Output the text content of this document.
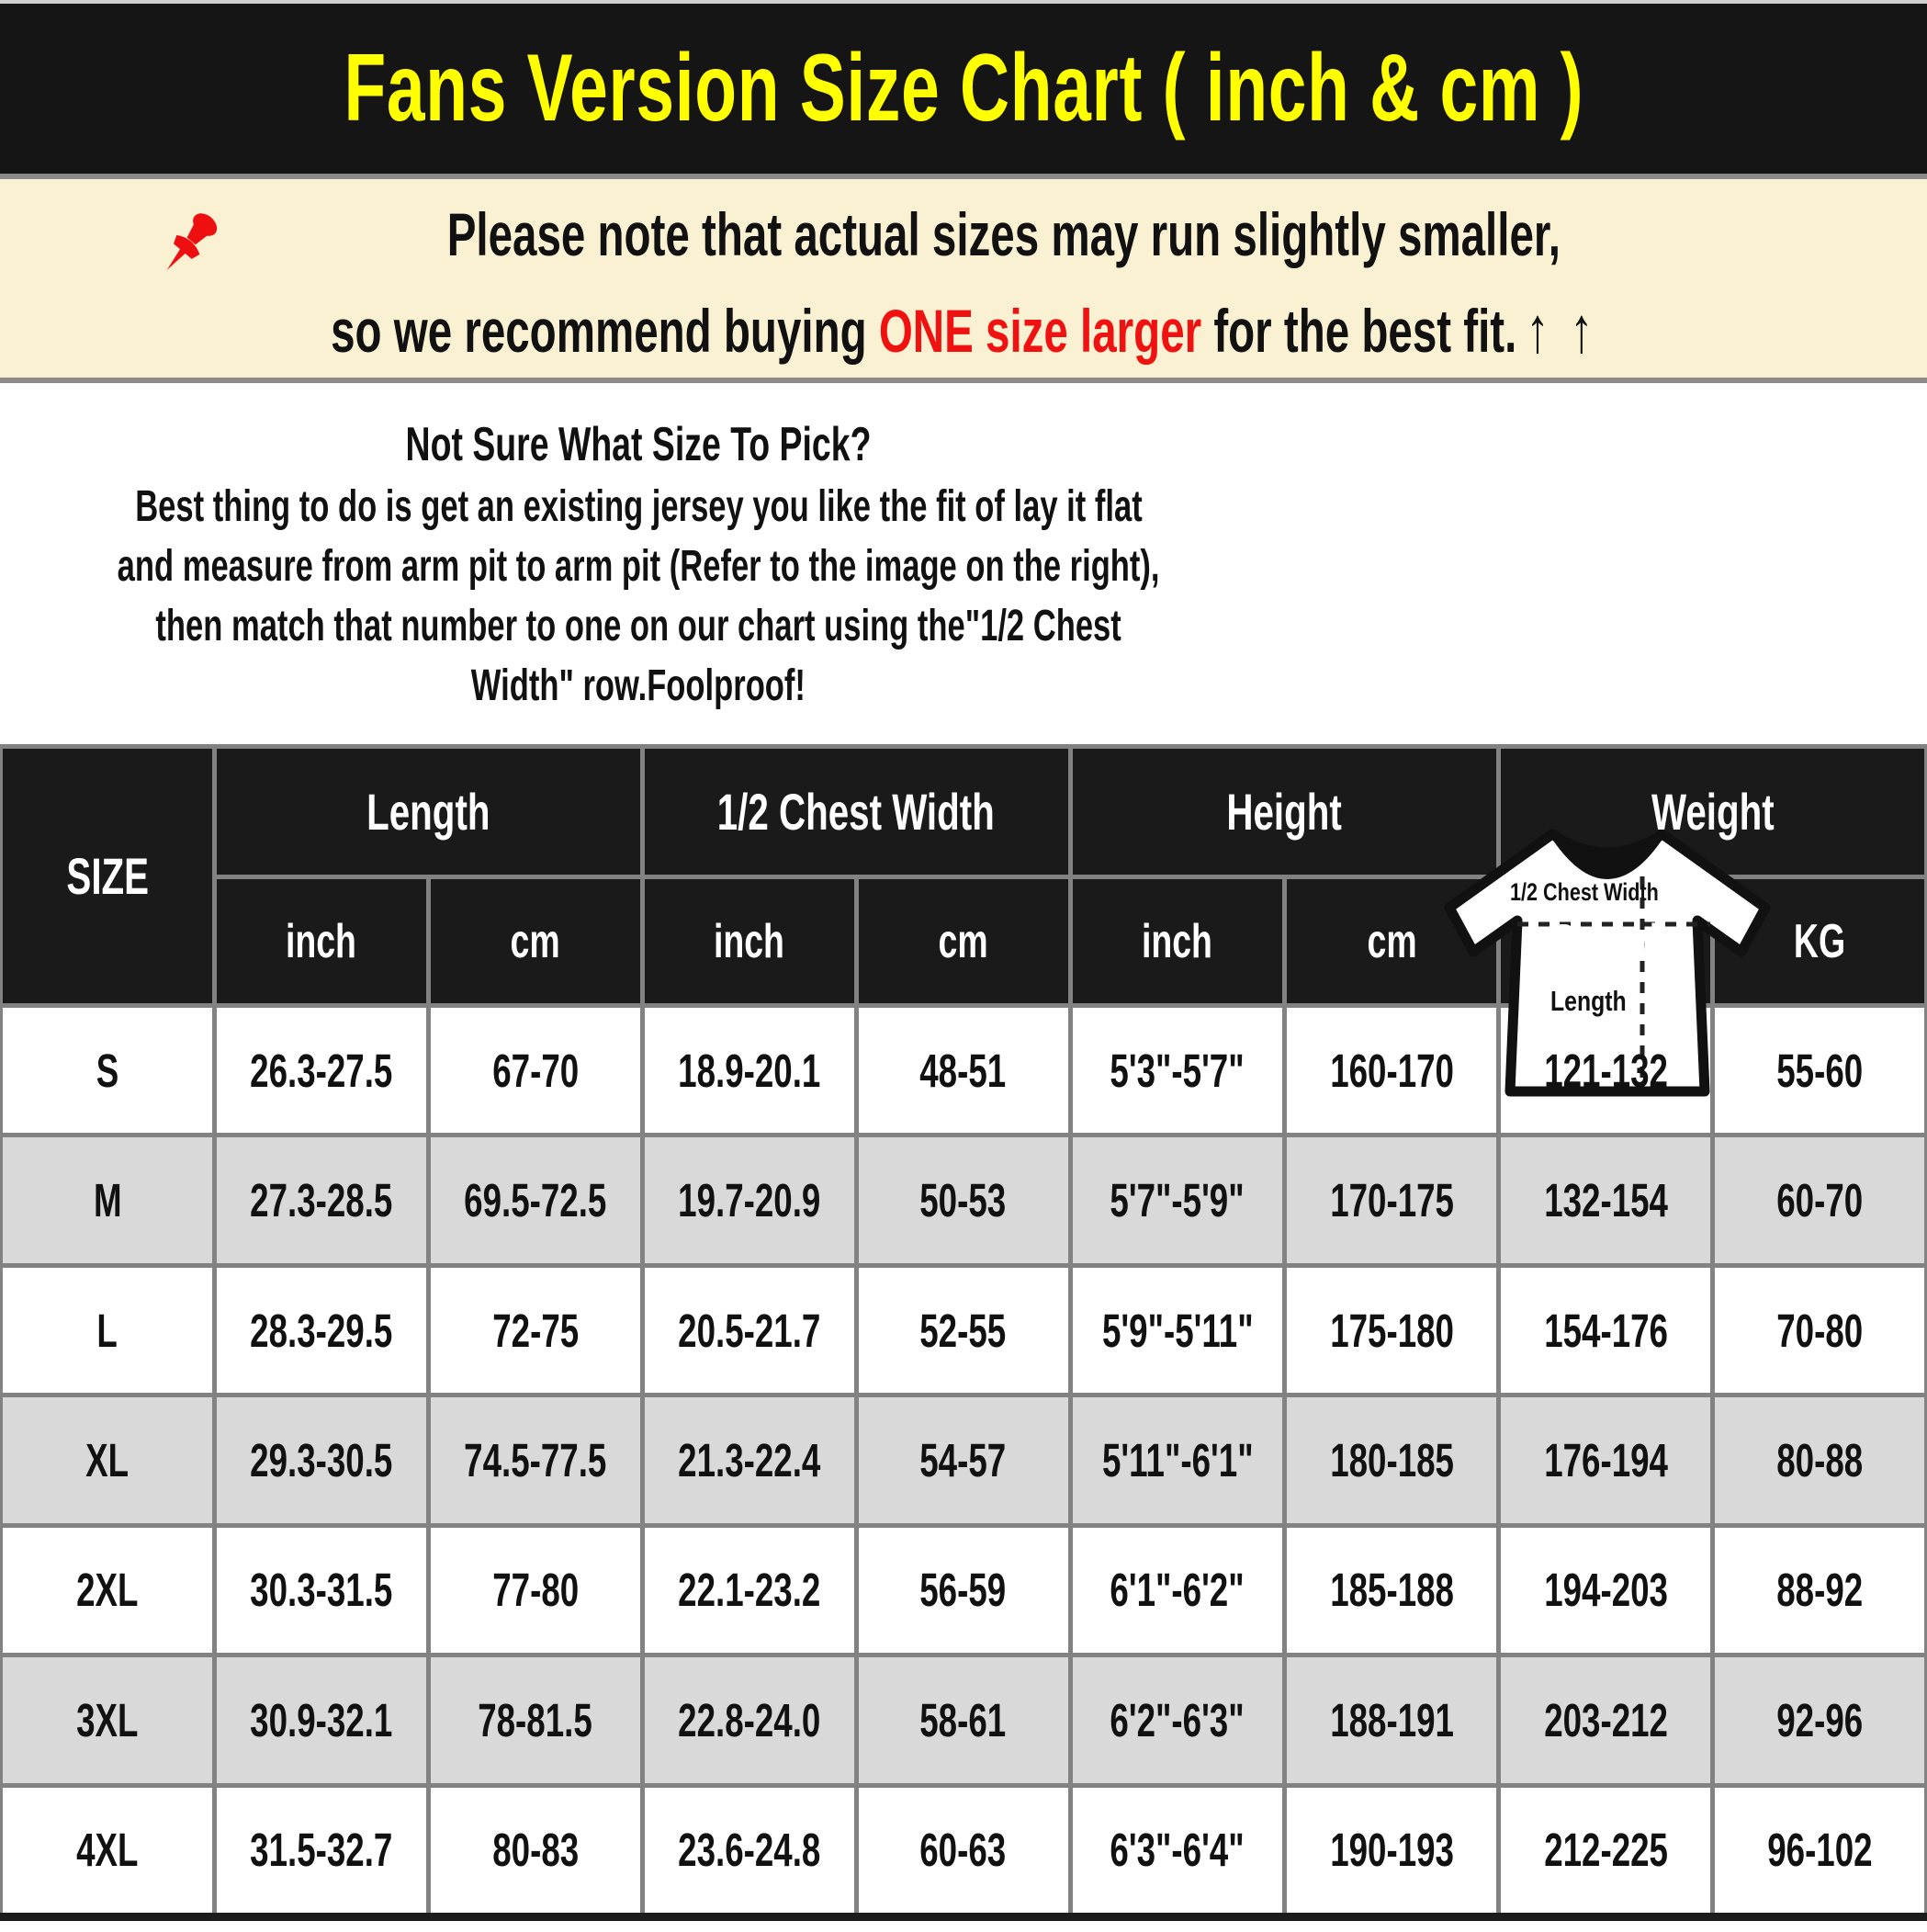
Fans Version Size Chart ( inch & cm )
Please note that actual sizes may run slightly smaller,
so we recommend buying ONE size larger for the best fit. ↑ ↑
Not Sure What Size To Pick?
Best thing to do is get an existing jersey you like the fit of lay it flat
and measure from arm pit to arm pit (Refer to the image on the right),
then match that number to one on our chart using the"1/2 Chest
Width" row.Foolproof!
1/2 Chest Width
Length
SIZE
Length	1/2 Chest Width	Height	Weight
inch	cm	inch	cm	inch	cm	Pound	KG
S	26.3-27.5 67-70 18.9-20.1 48-51 5'3"-5'7" 160-170 121-132 55-60
M	27.3-28.5 69.5-72.5 19.7-20.9 50-53 5'7"-5'9" 170-175 132-154 60-70
L	28.3-29.5 72-75 20.5-21.7 52-55 5'9"-5'11" 175-180 154-176 70-80
XL	29.3-30.5 74.5-77.5 21.3-22.4 54-57 5'11"-6'1" 180-185 176-194 80-88
2XL 30.3-31.5 77-80 22.1-23.2 56-59 6'1"-6'2" 185-188 194-203 88-92
3XL 30.9-32.1 78-81.5 22.8-24.0 58-61 6'2"-6'3" 188-191 203-212 92-96
4XL 31.5-32.7 80-83 23.6-24.8 60-63 6'3"-6'4" 190-193 212-225 96-102
